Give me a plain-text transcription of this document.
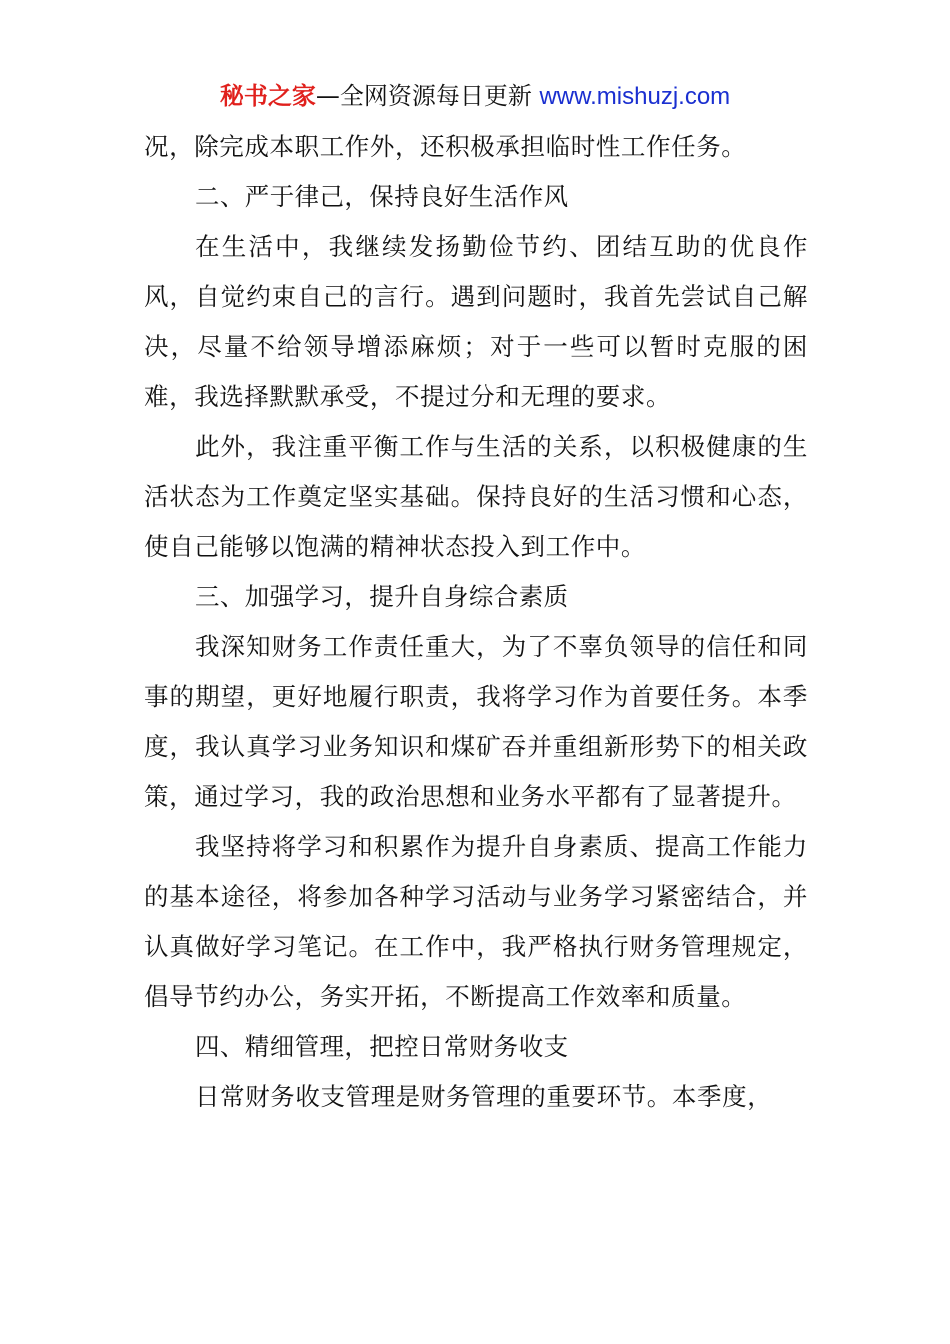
秘书之家—全网资源每日更新 www.mishuzj.com

况，除完成本职工作外，还积极承担临时性工作任务。

二、严于律己，保持良好生活作风

在生活中，我继续发扬勤俭节约、团结互助的优良作风，自觉约束自己的言行。遇到问题时，我首先尝试自己解决，尽量不给领导增添麻烦；对于一些可以暂时克服的困难，我选择默默承受，不提过分和无理的要求。

此外，我注重平衡工作与生活的关系，以积极健康的生活状态为工作奠定坚实基础。保持良好的生活习惯和心态，使自己能够以饱满的精神状态投入到工作中。

三、加强学习，提升自身综合素质

我深知财务工作责任重大，为了不辜负领导的信任和同事的期望，更好地履行职责，我将学习作为首要任务。本季度，我认真学习业务知识和煤矿吞并重组新形势下的相关政策，通过学习，我的政治思想和业务水平都有了显著提升。

我坚持将学习和积累作为提升自身素质、提高工作能力的基本途径，将参加各种学习活动与业务学习紧密结合，并认真做好学习笔记。在工作中，我严格执行财务管理规定，倡导节约办公，务实开拓，不断提高工作效率和质量。

四、精细管理，把控日常财务收支

日常财务收支管理是财务管理的重要环节。本季度，
